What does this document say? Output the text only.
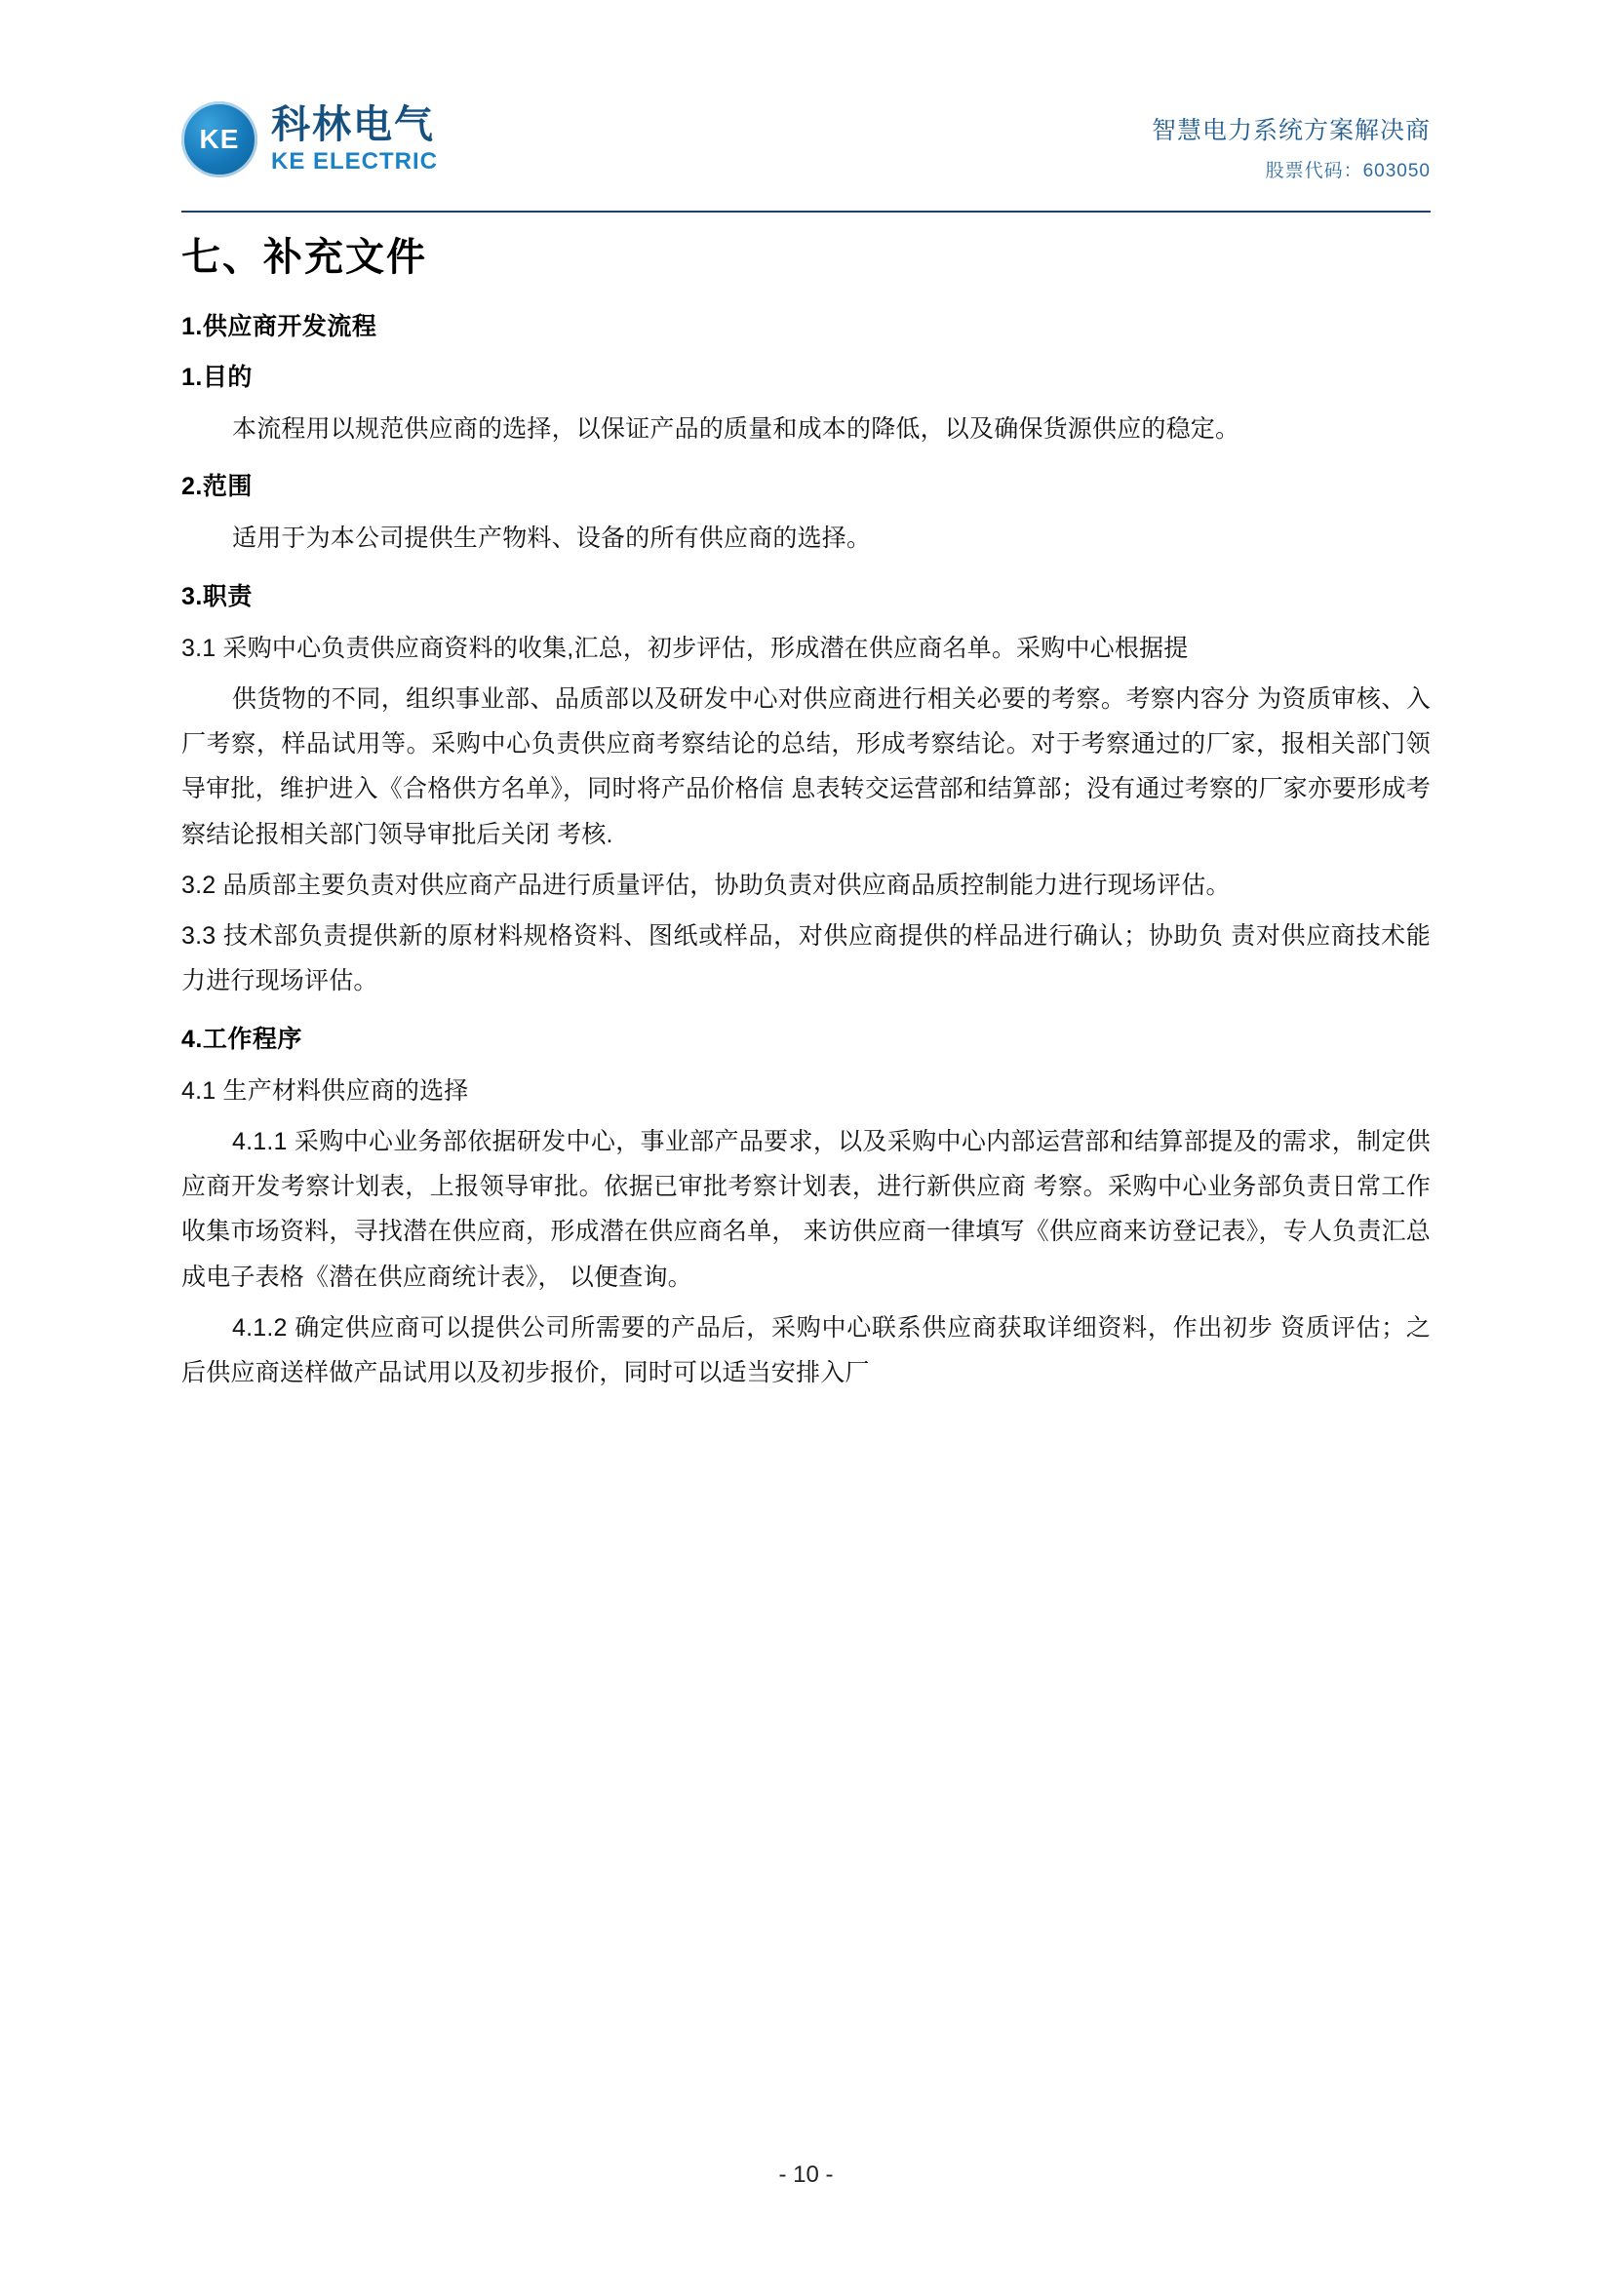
KE 科林电气
KE ELECTRIC
智慧电力系统方案解决商
股票代码：603050
七、补充文件
1.供应商开发流程
1.目的

本流程用以规范供应商的选择，以保证产品的质量和成本的降低，以及确保货源供应的稳定。

2.范围

适用于为本公司提供生产物料、设备的所有供应商的选择。

3.职责

3.1 采购中心负责供应商资料的收集,汇总，初步评估，形成潜在供应商名单。采购中心根据提

供货物的不同，组织事业部、品质部以及研发中心对供应商进行相关必要的考察。考察内容分 为资质审核、入厂考察，样品试用等。采购中心负责供应商考察结论的总结，形成考察结论。对于考察通过的厂家，报相关部门领导审批，维护进入《合格供方名单》，同时将产品价格信 息表转交运营部和结算部；没有通过考察的厂家亦要形成考察结论报相关部门领导审批后关闭 考核.

3.2 品质部主要负责对供应商产品进行质量评估，协助负责对供应商品质控制能力进行现场评估。

3.3 技术部负责提供新的原材料规格资料、图纸或样品，对供应商提供的样品进行确认；协助负 责对供应商技术能力进行现场评估。

4.工作程序

4.1 生产材料供应商的选择

4.1.1 采购中心业务部依据研发中心，事业部产品要求，以及采购中心内部运营部和结算部提及的需求，制定供应商开发考察计划表，上报领导审批。依据已审批考察计划表，进行新供应商 考察。采购中心业务部负责日常工作收集市场资料，寻找潜在供应商，形成潜在供应商名单， 来访供应商一律填写《供应商来访登记表》，专人负责汇总成电子表格《潜在供应商统计表》， 以便查询。

4.1.2 确定供应商可以提供公司所需要的产品后，采购中心联系供应商获取详细资料，作出初步 资质评估；之后供应商送样做产品试用以及初步报价，同时可以适当安排入厂

- 10 -
